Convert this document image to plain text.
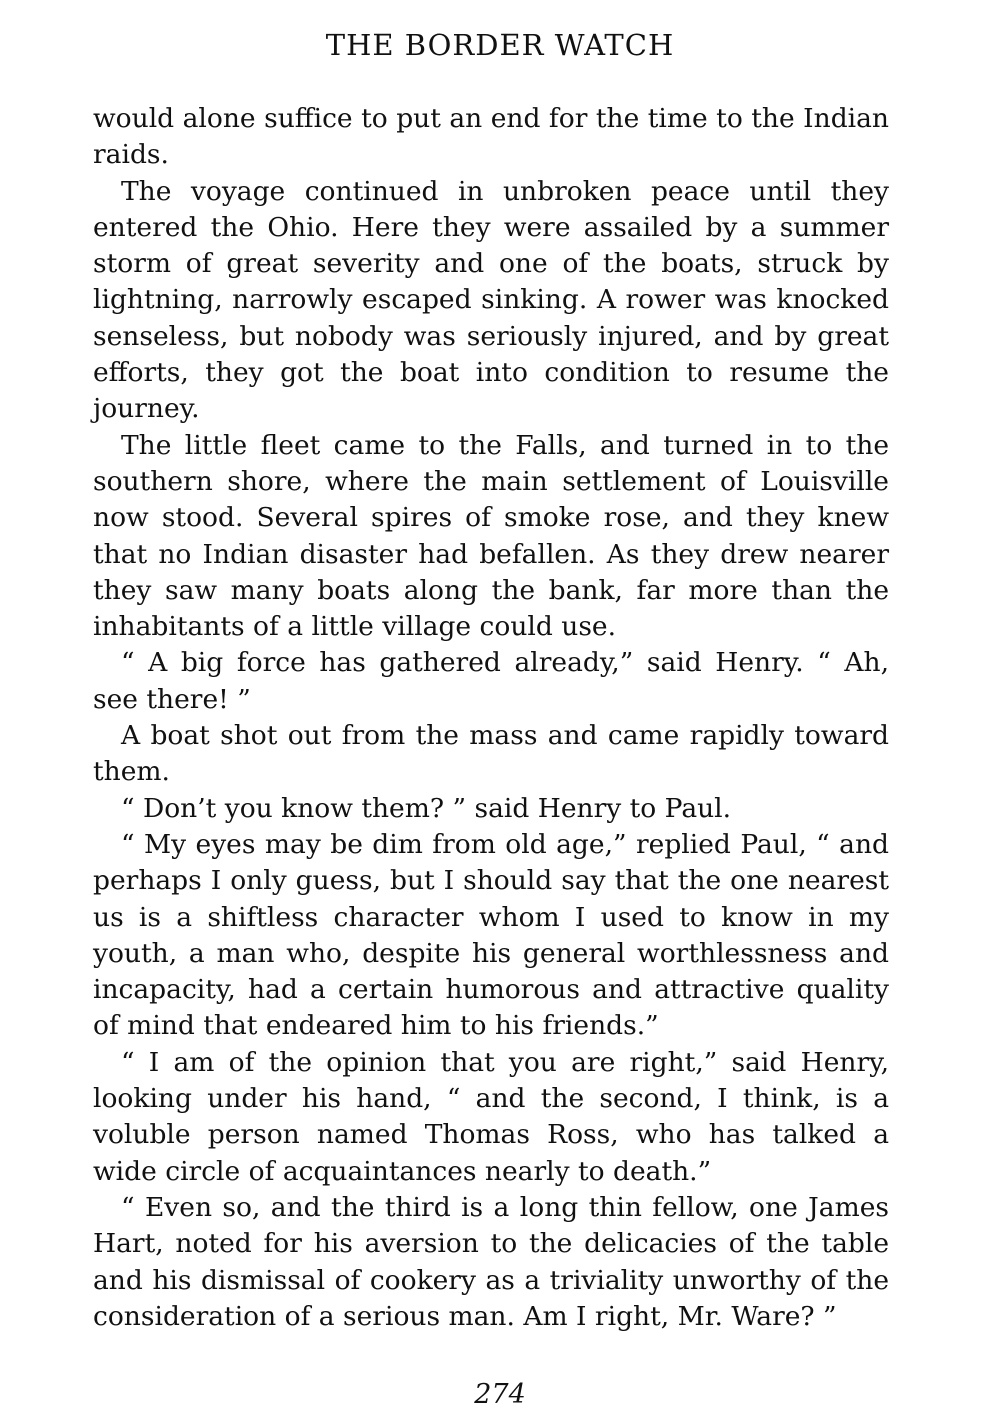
THE BORDER WATCH

would alone suffice to put an end for the time to the Indian raids.

The voyage continued in unbroken peace until they entered the Ohio. Here they were assailed by a summer storm of great severity and one of the boats, struck by lightning, narrowly escaped sinking. A rower was knocked senseless, but nobody was seriously injured, and by great efforts, they got the boat into condition to resume the journey.

The little fleet came to the Falls, and turned in to the southern shore, where the main settlement of Louisville now stood. Several spires of smoke rose, and they knew that no Indian disaster had befallen. As they drew nearer they saw many boats along the bank, far more than the inhabitants of a little village could use.

“ A big force has gathered already,” said Henry. “ Ah, see there! ”

A boat shot out from the mass and came rapidly toward them.

“ Don’t you know them? ” said Henry to Paul.

“ My eyes may be dim from old age,” replied Paul, “ and perhaps I only guess, but I should say that the one nearest us is a shiftless character whom I used to know in my youth, a man who, despite his general worthlessness and incapacity, had a certain humorous and attractive quality of mind that endeared him to his friends.”

“ I am of the opinion that you are right,” said Henry, looking under his hand, “ and the second, I think, is a voluble person named Thomas Ross, who has talked a wide circle of acquaintances nearly to death.”

“ Even so, and the third is a long thin fellow, one James Hart, noted for his aversion to the delicacies of the table and his dismissal of cookery as a triviality unworthy of the consideration of a serious man. Am I right, Mr. Ware? ”

274
